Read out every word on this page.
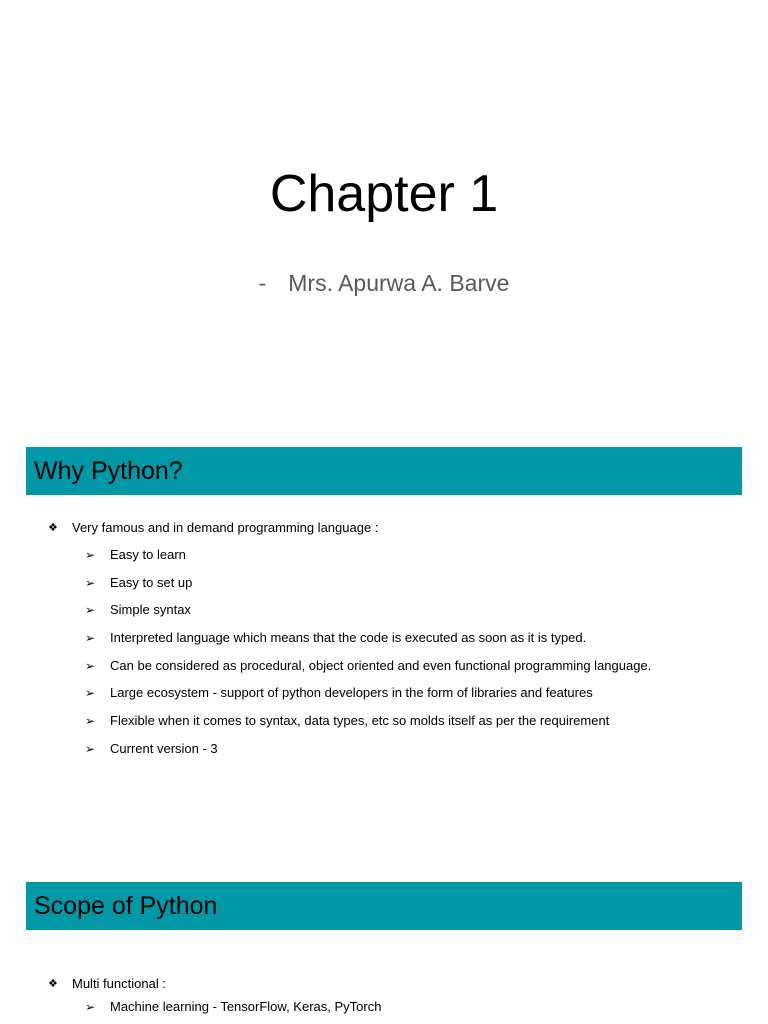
Chapter 1
- Mrs. Apurwa A. Barve
Why Python?
❖ Very famous and in demand programming language :
➢ Easy to learn
➢ Easy to set up
➢ Simple syntax
➢ Interpreted language which means that the code is executed as soon as it is typed.
➢ Can be considered as procedural, object oriented and even functional programming language.
➢ Large ecosystem - support of python developers in the form of libraries and features
➢ Flexible when it comes to syntax, data types, etc so molds itself as per the requirement
➢ Current version - 3
Scope of Python
❖ Multi functional :
➢ Machine learning - TensorFlow, Keras, PyTorch
